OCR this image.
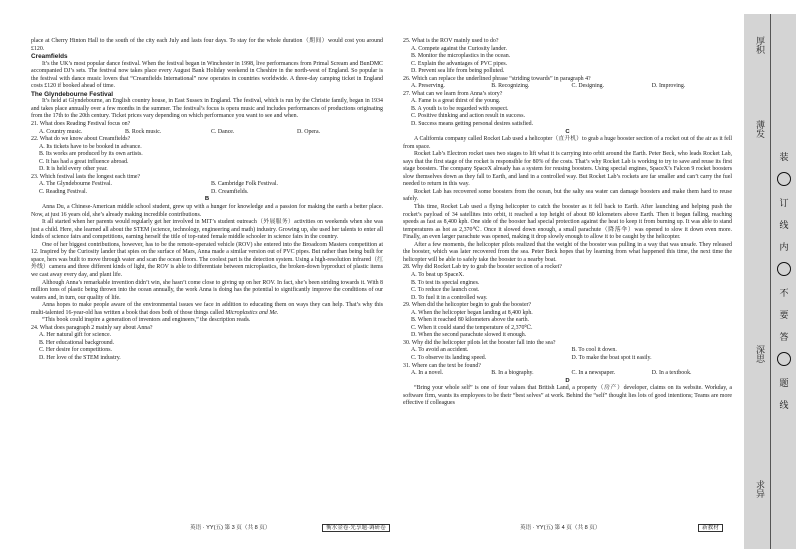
place at Cherry Hinton Hall to the south of the city each July and lasts four days. To stay for the whole duration（期间）would cost you around £120.

Creamfields

It’s the UK’s most popular dance festival. When the festival began in Winchester in 1998, live performances from Primal Scream and BunDMC accompanied DJ’s sets. The festival now takes place every August Bank Holiday weekend in Cheshire in the north-west of England. So popular is the festival with dance music lovers that “Creamfields International” now operates in countries worldwide. A three-day camping ticket in England costs £120 if booked ahead of time.

The Glyndebourne Festival

It’s held at Glyndebourne, an English country house, in East Sussex in England. The festival, which is run by the Christie family, began in 1934 and takes place annually over a few months in the summer. The festival’s focus is opera music and includes performances of productions originating from the 17th to the 20th century. Ticket prices vary depending on which performance you want to see and when.

21. What does Reading Festival focus on?

A. Country music.	B. Rock music.	C. Dance.	D. Opera.

22. What do we know about Creamfields?

A. Its tickets have to be booked in advance.

B. Its works are produced by its own artists.

C. It has had a great influence abroad.

D. It is held every other year.

23. Which festival lasts the longest each time?

A. The Glyndebourne Festival.	B. Cambridge Folk Festival.
C. Reading Festival.	D. Creamfields.

B

Anna Du, a Chinese-American middle school student, grew up with a hunger for knowledge and a passion for making the earth a better place. Now, at just 16 years old, she’s already making incredible contributions.

It all started when her parents would regularly get her involved in MIT’s student outreach（外展服务）activities on weekends when she was just a child. Here, she learned all about the STEM (science, technology, engineering and math) industry. Growing up, she used her talents to enter all kinds of science fairs and competitions, earning herself the title of top-rated female middle schooler in science fairs in the country.

One of her biggest contributions, however, has to be the remote-operated vehicle (ROV) she entered into the Broadcom Masters competition at 12. Inspired by the Curiosity lander that spies on the surface of Mars, Anna made a similar version out of PVC pipes. But rather than being built for space, hers was built to move through water and scan the ocean floors. The coolest part is the detection system. Using a high-resolution infrared（红外线）camera and three different kinds of light, the ROV is able to differentiate between microplastics, the broken-down byproduct of plastic items we cast away every day, and plant life.

Although Anna’s remarkable invention didn’t win, she hasn’t come close to giving up on her ROV. In fact, she’s been striding towards it. With 8 million tons of plastic being thrown into the ocean annually, the work Anna is doing has the potential to significantly improve the conditions of our waters and, in turn, our quality of life.

Anna hopes to make people aware of the environmental issues we face in addition to educating them on ways they can help. That’s why this multi-talented 16-year-old has written a book that does both of those things called Microplastics and Me.

“This book could inspire a generation of inventors and engineers,” the description reads.

24. What does paragraph 2 mainly say about Anna?

A. Her natural gift for science.

B. Her educational background.

C. Her desire for competitions.

D. Her love of the STEM industry.

25. What is the ROV mainly used to do?

A. Compete against the Curiosity lander.

B. Monitor the microplastics in the ocean.

C. Explain the advantages of PVC pipes.

D. Prevent sea life from being polluted.

26. Which can replace the underlined phrase “striding towards” in paragraph 4?

A. Preserving.	B. Recognizing.	C. Designing.	D. Improving.

27. What can we learn from Anna’s story?

A. Fame is a great thirst of the young.

B. A youth is to be regarded with respect.

C. Positive thinking and action result in success.

D. Success means getting personal desires satisfied.

C

A California company called Rocket Lab used a helicopter（直升机）to grab a huge booster section of a rocket out of the air as it fell from space.

Rocket Lab’s Electron rocket uses two stages to lift what it is carrying into orbit around the Earth. Peter Beck, who leads Rocket Lab, says that the first stage of the rocket is responsible for 80% of the costs. That’s why Rocket Lab is working to try to save and reuse its first stage boosters. The company SpaceX already has a system for reusing boosters. Using special engines, SpaceX’s Falcon 9 rocket boosters slow themselves down as they fall to Earth, and land in a controlled way. But Rocket Lab’s rockets are far smaller and can’t carry the fuel needed to return in this way.

Rocket Lab has recovered some boosters from the ocean, but the salty sea water can damage boosters and make them hard to reuse safely.

This time, Rocket Lab used a flying helicopter to catch the booster as it fell back to Earth. After launching and helping push the rocket’s payload of 34 satellites into orbit, it reached a top height of about 80 kilometers above Earth. Then it began falling, reaching speeds as fast as 8,400 kph. One side of the booster had special protection against the heat to keep it from burning up. It was able to stand temperatures as hot as 2,370℃. Once it slowed down enough, a small parachute（降落伞）was opened to slow it down even more. Finally, an even larger parachute was opened, making it drop slowly enough to allow it to be caught by the helicopter.

After a few moments, the helicopter pilots realized that the weight of the booster was pulling in a way that was unsafe. They released the booster, which was later recovered from the sea. Peter Beck hopes that by learning from what happened this time, the next time the helicopter will be able to safely take the booster to a nearby boat.

28. Why did Rocket Lab try to grab the booster section of a rocket?

A. To beat up SpaceX.

B. To test its special engines.

C. To reduce the launch cost.

D. To fuel it in a controlled way.

29. When did the helicopter begin to grab the booster?

A. When the helicopter began landing at 8,400 kph.

B. When it reached 80 kilometers above the earth.

C. When it could stand the temperature of 2,370℃.

D. When the second parachute slowed it enough.

30. Why did the helicopter pilots let the booster fall into the sea?

A. To avoid an accident.	B. To cool it down.
C. To observe its landing speed.	D. To make the boat spot it easily.

31. Where can the text be found?

A. In a novel.	B. In a biography.	C. In a newspaper.	D. In a textbook.

D

“Bring your whole self” is one of four values that British Land, a property（房产）developer, claims on its website. Workday, a software firm, wants its employees to be their “best selves” at work. Behind the “self” thought lies lots of good intentions; Teams are more effective if colleagues

英语 · YY(五) 第 3 页（共 8 页）	衡水金卷·先享题·调研卷	英语 · YY(五) 第 4 页（共 8 页）	新教材
厚积
薄发
深思
求异
装
订
线
内
不
要
答
题
线
